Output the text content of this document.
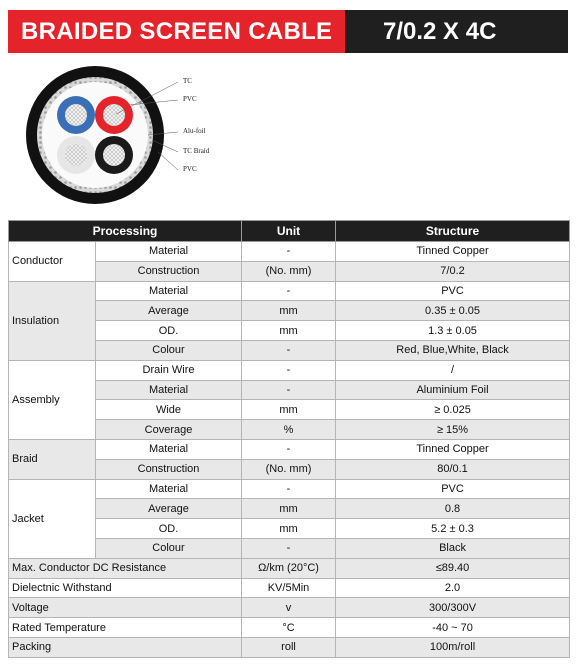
BRAIDED SCREEN CABLE	7/0.2 X 4C
TC
PVC
Alu-foil
TC Braid
PVC
Processing		Unit	Structure
Conductor	Material	-	Tinned Copper
	Construction	(No. mm)	7/0.2
Insulation	Material	-	PVC
	Average	mm	0.35 ± 0.05
	OD.	mm	1.3 ± 0.05
	Colour	-	Red, Blue,White, Black
Assembly	Drain Wire	-	/
	Material	-	Aluminium Foil
	Wide	mm	≥ 0.025
	Coverage	%	≥ 15%
Braid	Material	-	Tinned Copper
	Construction	(No. mm)	80/0.1
Jacket	Material	-	PVC
	Average	mm	0.8
	OD.	mm	5.2 ± 0.3
	Colour	-	Black
Max. Conductor DC Resistance		Ω/km (20°C)	≤89.40
Dielectnic Withstand		KV/5Min	2.0
Voltage		v	300/300V
Rated Temperature		°C	-40 ~ 70
Packing		roll	100m/roll
